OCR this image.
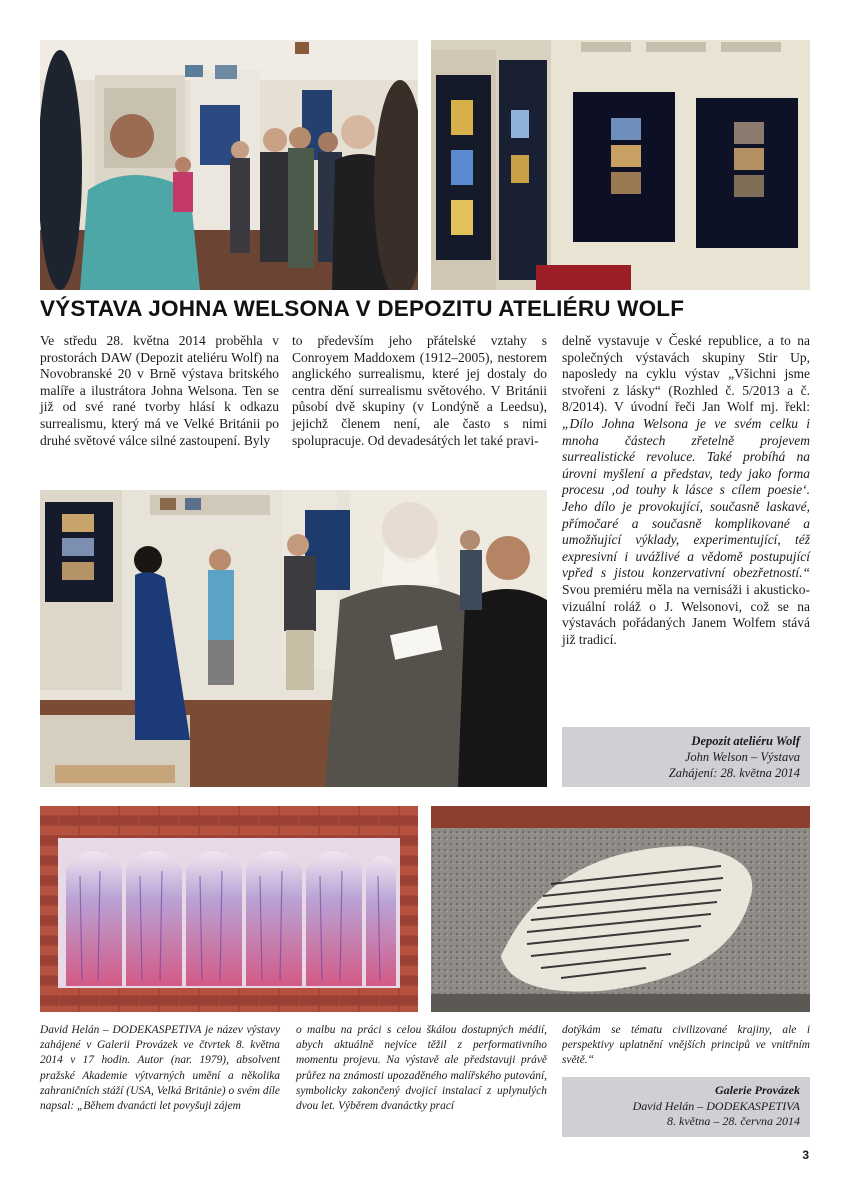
VÝSTAVA JOHNA WELSONA V DEPOZITU ATELIÉRU WOLF

Ve středu 28. května 2014 proběhla v prostorách DAW (Depozit ateliéru Wolf) na Novobranské 20 v Brně výstava britského malíře a ilustrátora Johna Welsona. Ten se již od své rané tvorby hlásí k odkazu surrealismu, který má ve Velké Británii po druhé světové válce silné zastoupení. Byly

to především jeho přátelské vztahy s Conroyem Maddoxem (1912–2005), nestorem anglického surrealismu, které jej dostaly do centra dění surrealismu světového. V Británii působí dvě skupiny (v Londýně a Leedsu), jejichž členem není, ale často s nimi spolupracuje. Od devadesátých let také pravi-

delně vystavuje v České republice, a to na společných výstavách skupiny Stir Up, naposledy na cyklu výstav „Všichni jsme stvořeni z lásky“ (Rozhled č. 5/2013 a č. 8/2014). V úvodní řeči Jan Wolf mj. řekl: „Dílo Johna Welsona je ve svém celku i mnoha částech zřetelně projevem surrealistické revoluce. Také probíhá na úrovni myšlení a představ, tedy jako forma procesu ‚od touhy k lásce s cílem poesie‘. Jeho dílo je provokující, současně laskavé, přímočaré a současně komplikované a umožňující výklady, experimentující, též expresivní i uvážlivé a vědomě postupující vpřed s jistou konzervativní obezřetností.“ Svou premiéru měla na vernisáži i akusticko-vizuální roláž o J. Welsonovi, což se na výstavách pořádaných Janem Wolfem stává již tradicí.

Depozit ateliéru Wolf
John Welson – Výstava
Zahájení: 28. května 2014

David Helán – DODEKASPETIVA je název výstavy zahájené v Galerii Provázek ve čtvrtek 8. května 2014 v 17 hodin. Autor (nar. 1979), absolvent pražské Akademie výtvarných umění a několika zahraničních stáží (USA, Velká Británie) o svém díle napsal: „Během dvanácti let povyšuji zájem

o malbu na práci s celou škálou dostupných médií, abych aktuálně nejvíce těžil z performativního momentu projevu. Na výstavě ale představuji právě průřez na známosti upozaděného malířského putování, symbolicky zakončený dvojicí instalací z uplynulých dvou let. Výběrem dvanáctky prací

dotýkám se tématu civilizované krajiny, ale i perspektivy uplatnění vnějších principů ve vnitřním světě.“

Galerie Provázek
David Helán – DODEKASPETIVA
8. května – 28. června 2014
3
